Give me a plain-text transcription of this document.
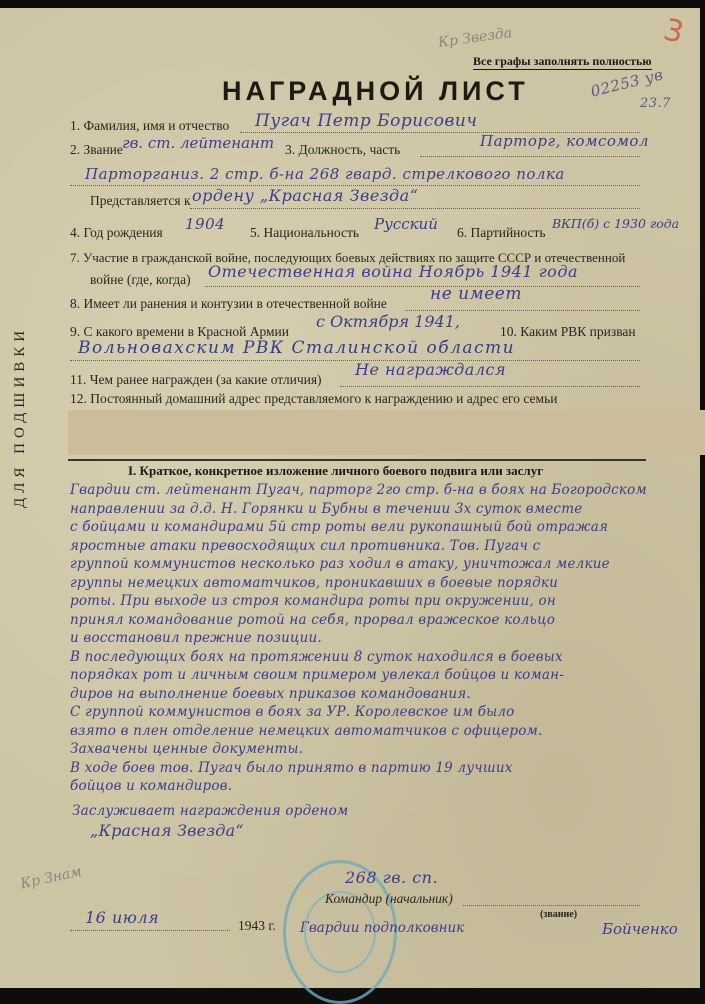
Кр Звезда
Все графы заполнять полностью
3
02253 ув
23.7
НАГРАДНОЙ ЛИСТ
1. Фамилия, имя и отчество Пугач Петр Борисович
2. Звание гв. ст. лейтенант 3. Должность, часть	Парторг, комсомол
Парторганиз. 2 стр. б-на 268 гвард. стрелкового полка
Представляется к ордену „Красная Звезда“
4. Год рождения 1904 5. Национальность Русский 6. Партийность
ВКП(б) с 1930 года
7. Участие в гражданской войне, последующих боевых действиях по защите СССР и отечественной
войне (где, когда) Отечественная война Ноябрь 1941 года
8. Имеет ли ранения и контузии в отечественной войне	не имеет
9. С какого времени в Красной Армии
с Октября 1941,
10. Каким РВК призван
Вольновахским РВК Сталинской области
11. Чем ранее награжден (за какие отличия)
Не награждался
12. Постоянный домашний адрес представляемого к награждению и адрес его семьи
I. Краткое, конкретное изложение личного боевого подвига или заслуг
Гвардии ст. лейтенант Пугач, парторг 2го стр. б-на в боях на Богородском
направлении за д.д. Н. Горянки и Бубны в течении 3х суток вместе
с бойцами и командирами 5й стр роты вели рукопашный бой отражая
яростные атаки превосходящих сил противника. Тов. Пугач с
группой коммунистов несколько раз ходил в атаку, уничтожал мелкие
группы немецких автоматчиков, проникавших в боевые порядки
роты. При выходе из строя командира роты при окружении, он
принял командование ротой на себя, прорвал вражеское кольцо
и восстановил прежние позиции.
В последующих боях на протяжении 8 суток находился в боевых
порядках рот и личным своим примером увлекал бойцов и коман-
диров на выполнение боевых приказов командования.
С группой коммунистов в боях за УР. Королевское им было
взято в плен отделение немецких автоматчиков с офицером.
Захвачены ценные документы.
В ходе боев тов. Пугач было принято в партию 19 лучших
бойцов и командиров.
Заслуживает награждения орденом
„Красная Звезда“
ДЛЯ ПОДШИВКИ
Кр Знам	268 гв. сп.
Командир (начальник)
(звание)
16 июля	1943 г. Гвардии подполковник	Бойченко
